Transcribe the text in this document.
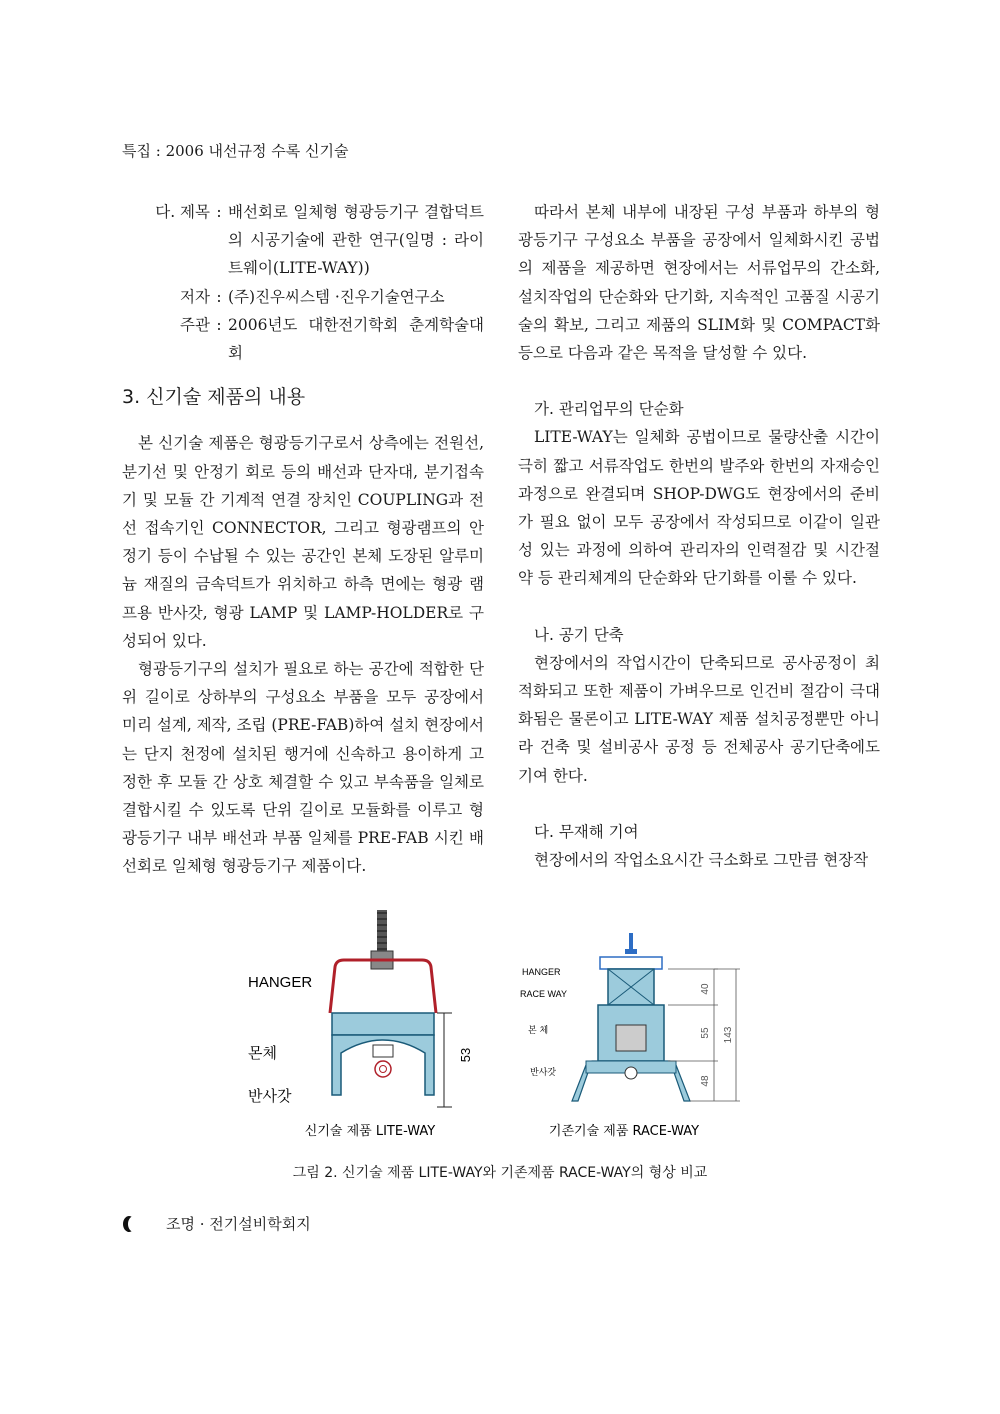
특집 : 2006 내선규정 수록 신기술
다. 제목 : 배선회로 일체형 형광등기구 결합덕트의 시공기술에 관한 연구(일명 : 라이트웨이(LITE-WAY))
저자 : (주)진우씨스템 ·진우기술연구소
주관 : 2006년도 대한전기학회 춘계학술대회
3. 신기술 제품의 내용

본 신기술 제품은 형광등기구로서 상측에는 전원선, 분기선 및 안정기 회로 등의 배선과 단자대, 분기접속기 및 모듈 간 기계적 연결 장치인 COUPLING과 전선 접속기인 CONNECTOR, 그리고 형광램프의 안정기 등이 수납될 수 있는 공간인 본체 도장된 알루미늄 재질의 금속덕트가 위치하고 하측 면에는 형광 램프용 반사갓, 형광 LAMP 및 LAMP-HOLDER로 구성되어 있다.

형광등기구의 설치가 필요로 하는 공간에 적합한 단위 길이로 상하부의 구성요소 부품을 모두 공장에서 미리 설계, 제작, 조립 (PRE-FAB)하여 설치 현장에서는 단지 천정에 설치된 행거에 신속하고 용이하게 고정한 후 모듈 간 상호 체결할 수 있고 부속품을 일체로 결합시킬 수 있도록 단위 길이로 모듈화를 이루고 형광등기구 내부 배선과 부품 일체를 PRE-FAB 시킨 배선회로 일체형 형광등기구 제품이다.

따라서 본체 내부에 내장된 구성 부품과 하부의 형광등기구 구성요소 부품을 공장에서 일체화시킨 공법의 제품을 제공하면 현장에서는 서류업무의 간소화, 설치작업의 단순화와 단기화, 지속적인 고품질 시공기술의 확보, 그리고 제품의 SLIM화 및 COMPACT화 등으로 다음과 같은 목적을 달성할 수 있다.

가. 관리업무의 단순화

LITE-WAY는 일체화 공법이므로 물량산출 시간이 극히 짧고 서류작업도 한번의 발주와 한번의 자재승인과정으로 완결되며 SHOP-DWG도 현장에서의 준비가 필요 없이 모두 공장에서 작성되므로 이같이 일관성 있는 과정에 의하여 관리자의 인력절감 및 시간절약 등 관리체계의 단순화와 단기화를 이룰 수 있다.

나. 공기 단축

현장에서의 작업시간이 단축되므로 공사공정이 최적화되고 또한 제품이 가벼우므로 인건비 절감이 극대화됨은 물론이고 LITE-WAY 제품 설치공정뿐만 아니라 건축 및 설비공사 공정 등 전체공사 공기단축에도 기여 한다.

다. 무재해 기여

현장에서의 작업소요시간 극소화로 그만큼 현장작

53
HANGER
몬체
반사갓
신기술 제품 LITE-WAY
40
55
48
143
HANGER
RACE WAY
본 체
반사갓
기존기술 제품 RACE-WAY
그림 2. 신기술 제품 LITE-WAY와 기존제품 RACE-WAY의 형상 비교
조명 · 전기설비학회지
